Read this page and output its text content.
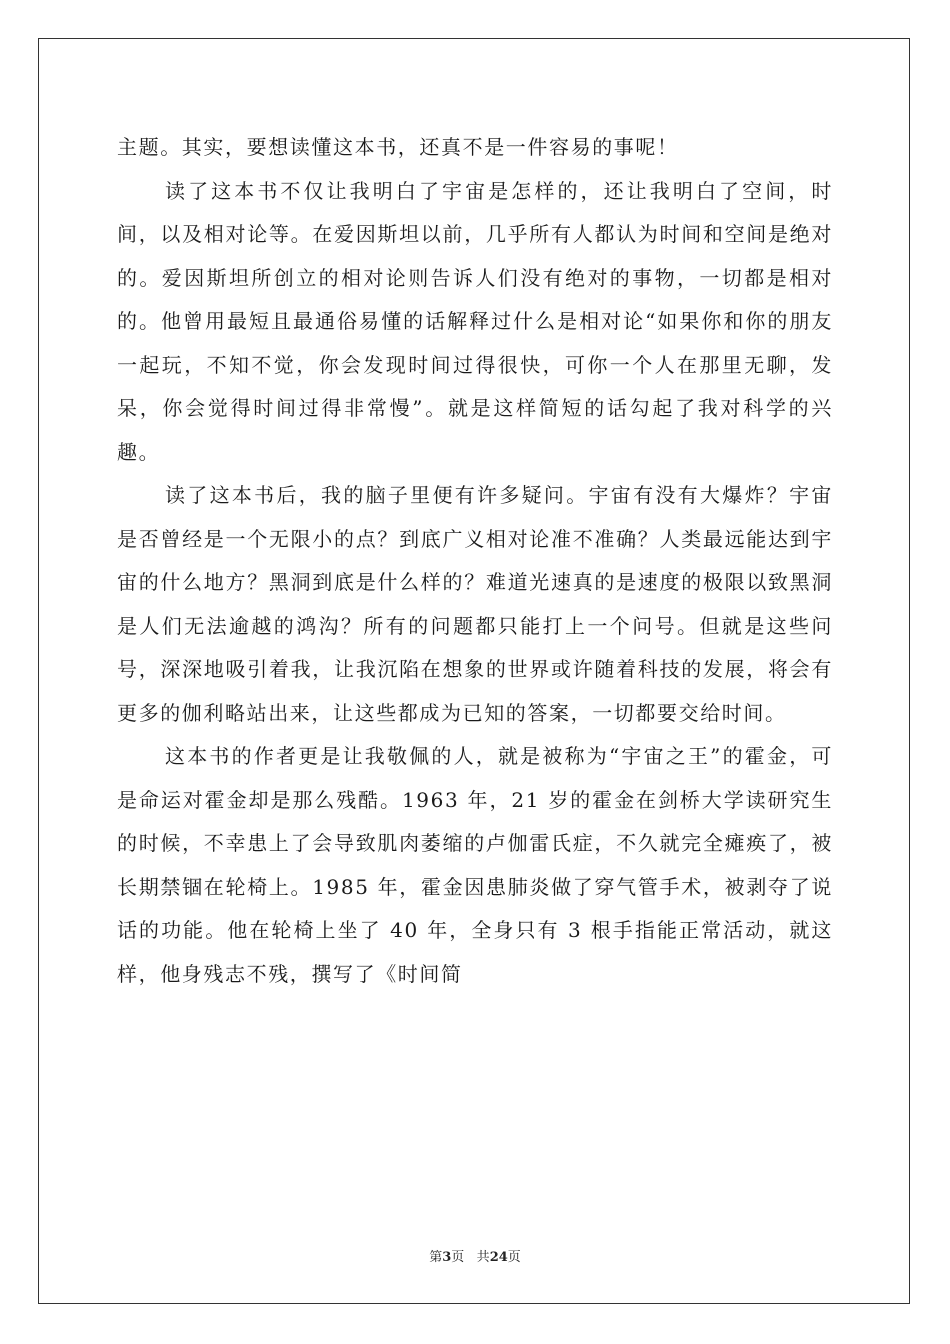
主题。其实，要想读懂这本书，还真不是一件容易的事呢！

读了这本书不仅让我明白了宇宙是怎样的，还让我明白了空间，时间，以及相对论等。在爱因斯坦以前，几乎所有人都认为时间和空间是绝对的。爱因斯坦所创立的相对论则告诉人们没有绝对的事物，一切都是相对的。他曾用最短且最通俗易懂的话解释过什么是相对论“如果你和你的朋友一起玩，不知不觉，你会发现时间过得很快，可你一个人在那里无聊，发呆，你会觉得时间过得非常慢”。就是这样简短的话勾起了我对科学的兴趣。

读了这本书后，我的脑子里便有许多疑问。宇宙有没有大爆炸？宇宙是否曾经是一个无限小的点？到底广义相对论准不准确？人类最远能达到宇宙的什么地方？黑洞到底是什么样的？难道光速真的是速度的极限以致黑洞是人们无法逾越的鸿沟？所有的问题都只能打上一个问号。但就是这些问号，深深地吸引着我，让我沉陷在想象的世界或许随着科技的发展，将会有更多的伽利略站出来，让这些都成为已知的答案，一切都要交给时间。

这本书的作者更是让我敬佩的人，就是被称为“宇宙之王”的霍金，可是命运对霍金却是那么残酷。1963 年，21 岁的霍金在剑桥大学读研究生的时候，不幸患上了会导致肌肉萎缩的卢伽雷氏症，不久就完全瘫痪了，被长期禁锢在轮椅上。1985 年，霍金因患肺炎做了穿气管手术，被剥夺了说话的功能。他在轮椅上坐了 40 年，全身只有 3 根手指能正常活动，就这样，他身残志不残，撰写了《时间简

第3页 共24页
